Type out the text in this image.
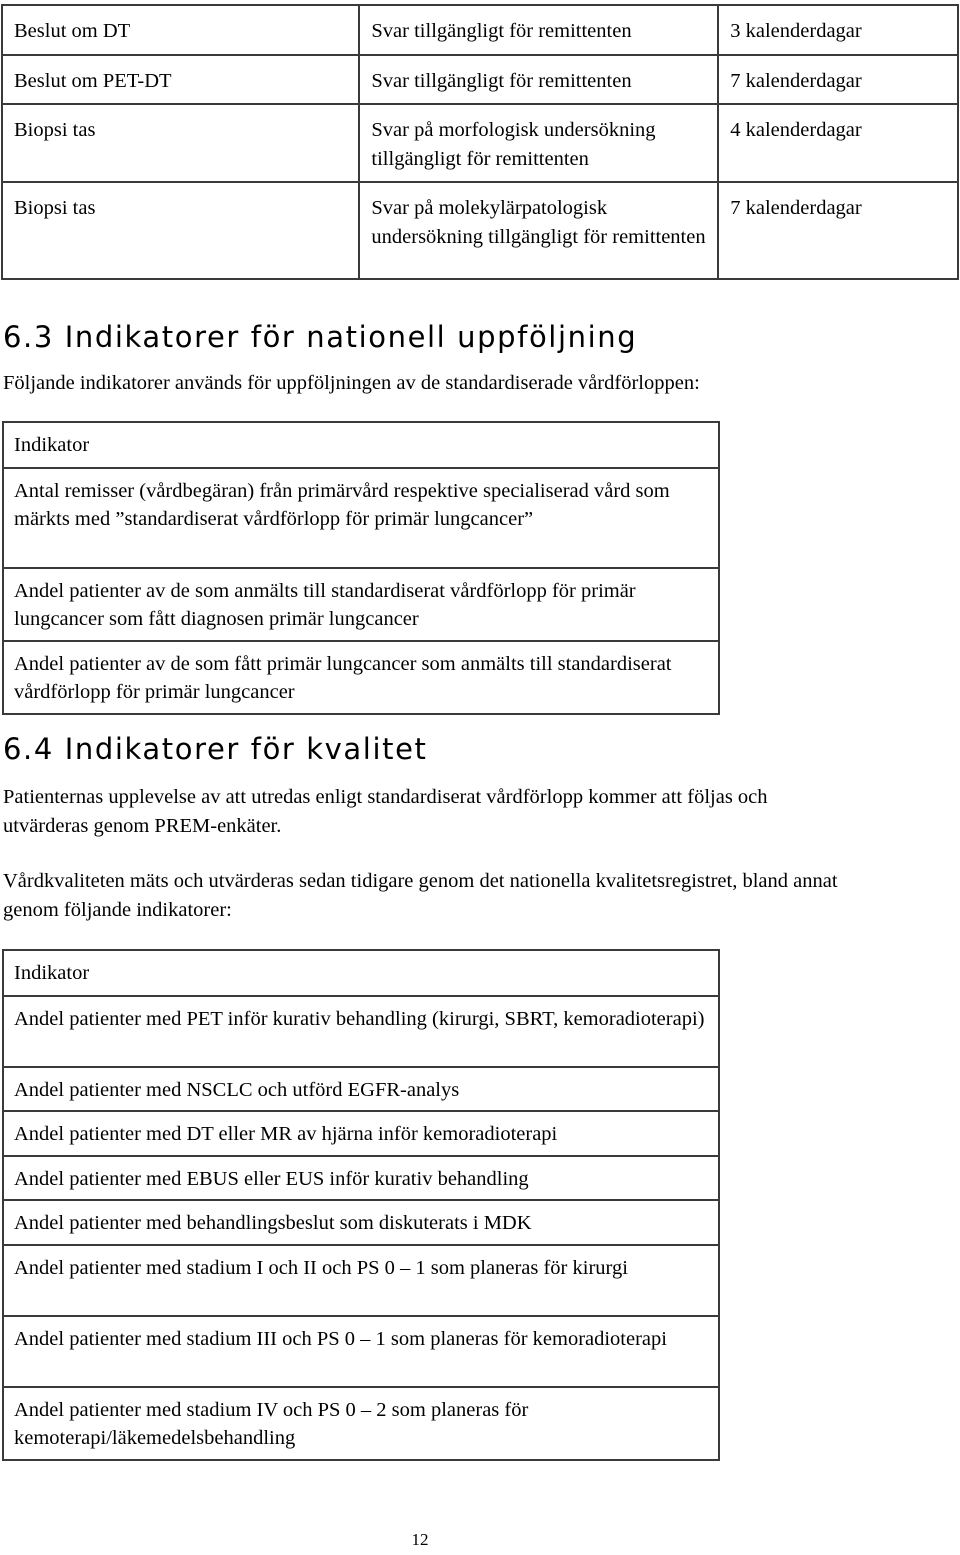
Beslut om DT	Svar tillgängligt för remittenten	3 kalenderdagar
Beslut om PET-DT	Svar tillgängligt för remittenten	7 kalenderdagar
Biopsi tas	Svar på morfologisk undersökning tillgängligt för remittenten	4 kalenderdagar
Biopsi tas	Svar på molekylärpatologisk undersökning tillgängligt för remittenten	7 kalenderdagar
6.3 Indikatorer för nationell uppföljning

Följande indikatorer används för uppföljningen av de standardiserade vårdförloppen:

Indikator
Antal remisser (vårdbegäran) från primärvård respektive specialiserad vård som märkts med ”standardiserat vårdförlopp för primär lungcancer”
Andel patienter av de som anmälts till standardiserat vårdförlopp för primär lungcancer som fått diagnosen primär lungcancer
Andel patienter av de som fått primär lungcancer som anmälts till standardiserat vårdförlopp för primär lungcancer
6.4 Indikatorer för kvalitet

Patienternas upplevelse av att utredas enligt standardiserat vårdförlopp kommer att följas och utvärderas genom PREM-enkäter.

Vårdkvaliteten mäts och utvärderas sedan tidigare genom det nationella kvalitetsregistret, bland annat genom följande indikatorer:

Indikator
Andel patienter med PET inför kurativ behandling (kirurgi, SBRT, kemoradioterapi)
Andel patienter med NSCLC och utförd EGFR-analys
Andel patienter med DT eller MR av hjärna inför kemoradioterapi
Andel patienter med EBUS eller EUS inför kurativ behandling
Andel patienter med behandlingsbeslut som diskuterats i MDK
Andel patienter med stadium I och II och PS 0 – 1 som planeras för kirurgi
Andel patienter med stadium III och PS 0 – 1 som planeras för kemoradioterapi
Andel patienter med stadium IV och PS 0 – 2 som planeras för kemoterapi/läkemedelsbehandling
12
